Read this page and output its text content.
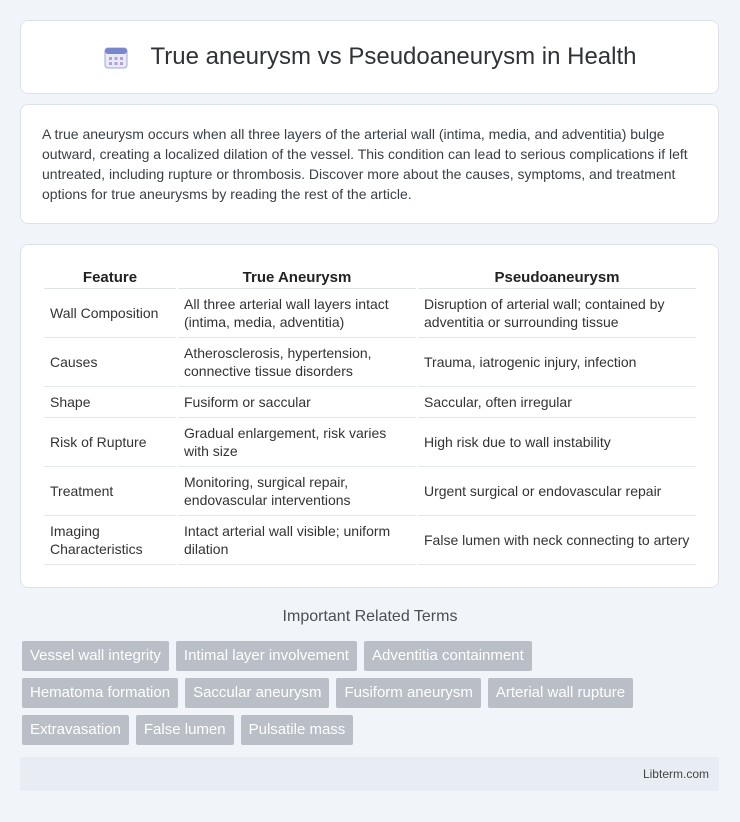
True aneurysm vs Pseudoaneurysm in Health

A true aneurysm occurs when all three layers of the arterial wall (intima, media, and adventitia) bulge outward, creating a localized dilation of the vessel. This condition can lead to serious complications if left untreated, including rupture or thrombosis. Discover more about the causes, symptoms, and treatment options for true aneurysms by reading the rest of the article.

Feature	True Aneurysm	Pseudoaneurysm
Wall Composition	All three arterial wall layers intact (intima, media, adventitia)	Disruption of arterial wall; contained by adventitia or surrounding tissue
Causes	Atherosclerosis, hypertension, connective tissue disorders	Trauma, iatrogenic injury, infection
Shape	Fusiform or saccular	Saccular, often irregular
Risk of Rupture	Gradual enlargement, risk varies with size	High risk due to wall instability
Treatment	Monitoring, surgical repair, endovascular interventions	Urgent surgical or endovascular repair
Imaging Characteristics	Intact arterial wall visible; uniform dilation	False lumen with neck connecting to artery
Important Related Terms
Vessel wall integrity	Intimal layer involvement	Adventitia containment
Hematoma formation	Saccular aneurysm	Fusiform aneurysm	Arterial wall rupture
Extravasation	False lumen	Pulsatile mass
Libterm.com
